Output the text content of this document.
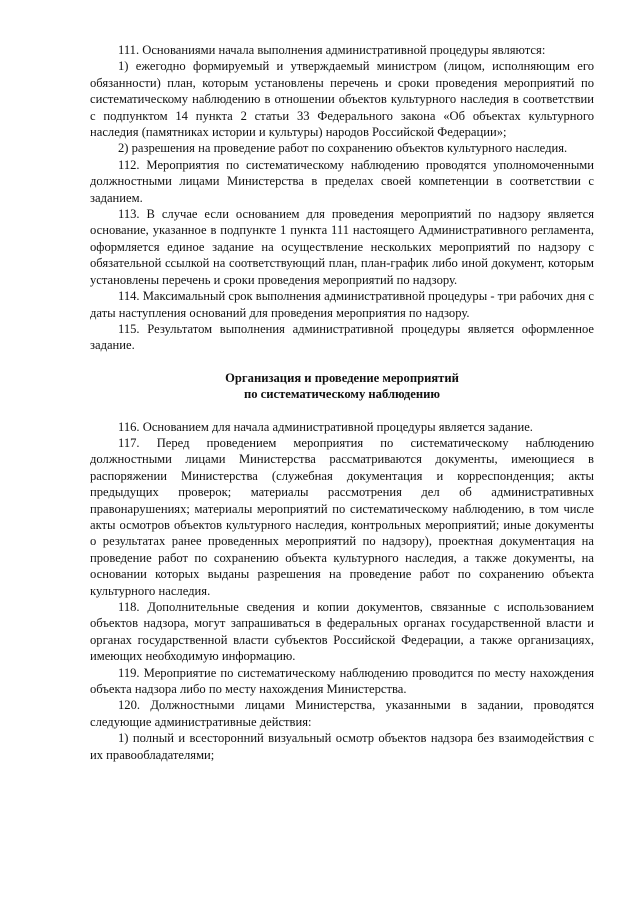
111. Основаниями начала выполнения административной процедуры являются:

1) ежегодно формируемый и утверждаемый министром (лицом, исполняющим его обязанности) план, которым установлены перечень и сроки проведения мероприятий по систематическому наблюдению в отношении объектов культурного наследия в соответствии с подпунктом 14 пункта 2 статьи 33 Федерального закона «Об объектах культурного наследия (памятниках истории и культуры) народов Российской Федерации»;

2) разрешения на проведение работ по сохранению объектов культурного наследия.

112. Мероприятия по систематическому наблюдению проводятся уполномоченными должностными лицами Министерства в пределах своей компетенции в соответствии с заданием.

113. В случае если основанием для проведения мероприятий по надзору является основание, указанное в подпункте 1 пункта 111 настоящего Административного регламента, оформляется единое задание на осуществление нескольких мероприятий по надзору с обязательной ссылкой на соответствующий план, план-график либо иной документ, которым установлены перечень и сроки проведения мероприятий по надзору.

114. Максимальный срок выполнения административной процедуры - три рабочих дня с даты наступления оснований для проведения мероприятия по надзору.

115. Результатом выполнения административной процедуры является оформленное задание.

Организация и проведение мероприятий
по систематическому наблюдению

116. Основанием для начала административной процедуры является задание.

117. Перед проведением мероприятия по систематическому наблюдению должностными лицами Министерства рассматриваются документы, имеющиеся в распоряжении Министерства (служебная документация и корреспонденция; акты предыдущих проверок; материалы рассмотрения дел об административных правонарушениях; материалы мероприятий по систематическому наблюдению, в том числе акты осмотров объектов культурного наследия, контрольных мероприятий; иные документы о результатах ранее проведенных мероприятий по надзору), проектная документация на проведение работ по сохранению объекта культурного наследия, а также документы, на основании которых выданы разрешения на проведение работ по сохранению объекта культурного наследия.

118. Дополнительные сведения и копии документов, связанные с использованием объектов надзора, могут запрашиваться в федеральных органах государственной власти и органах государственной власти субъектов Российской Федерации, а также организациях, имеющих необходимую информацию.

119. Мероприятие по систематическому наблюдению проводится по месту нахождения объекта надзора либо по месту нахождения Министерства.

120. Должностными лицами Министерства, указанными в задании, проводятся следующие административные действия:

1) полный и всесторонний визуальный осмотр объектов надзора без взаимодействия с их правообладателями;
